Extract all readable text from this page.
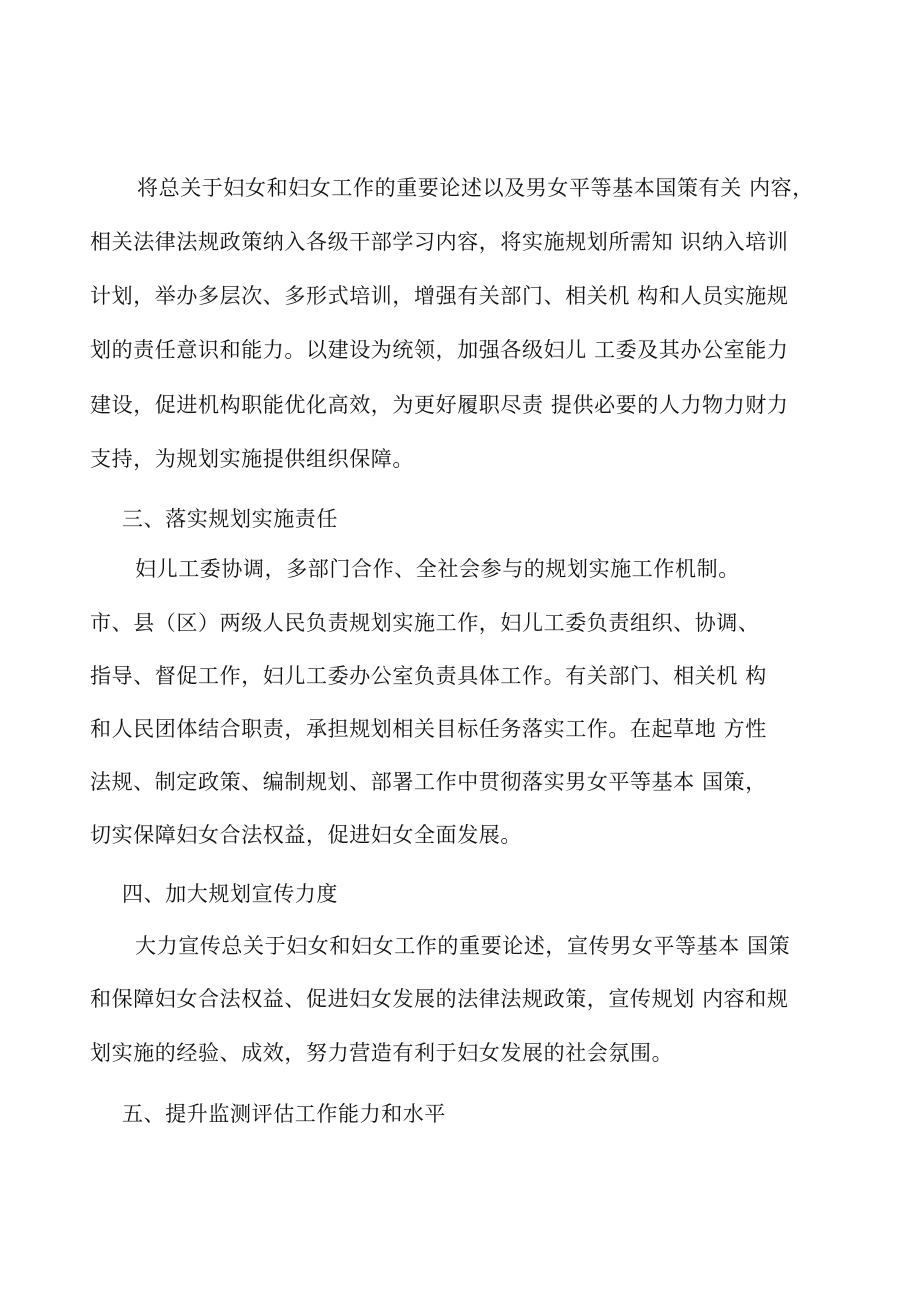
将总关于妇女和妇女工作的重要论述以及男女平等基本国策有关 内容，
相关法律法规政策纳入各级干部学习内容，将实施规划所需知 识纳入培训
计划，举办多层次、多形式培训，增强有关部门、相关机 构和人员实施规
划的责任意识和能力。以建设为统领，加强各级妇儿 工委及其办公室能力
建设，促进机构职能优化高效，为更好履职尽责 提供必要的人力物力财力
支持，为规划实施提供组织保障。
三、落实规划实施责任
妇儿工委协调，多部门合作、全社会参与的规划实施工作机制。
市、县（区）两级人民负责规划实施工作，妇儿工委负责组织、协调、
指导、督促工作，妇儿工委办公室负责具体工作。有关部门、相关机 构
和人民团体结合职责，承担规划相关目标任务落实工作。在起草地 方性
法规、制定政策、编制规划、部署工作中贯彻落实男女平等基本 国策，
切实保障妇女合法权益，促进妇女全面发展。
四、加大规划宣传力度
大力宣传总关于妇女和妇女工作的重要论述，宣传男女平等基本 国策
和保障妇女合法权益、促进妇女发展的法律法规政策，宣传规划 内容和规
划实施的经验、成效，努力营造有利于妇女发展的社会氛围。
五、提升监测评估工作能力和水平
